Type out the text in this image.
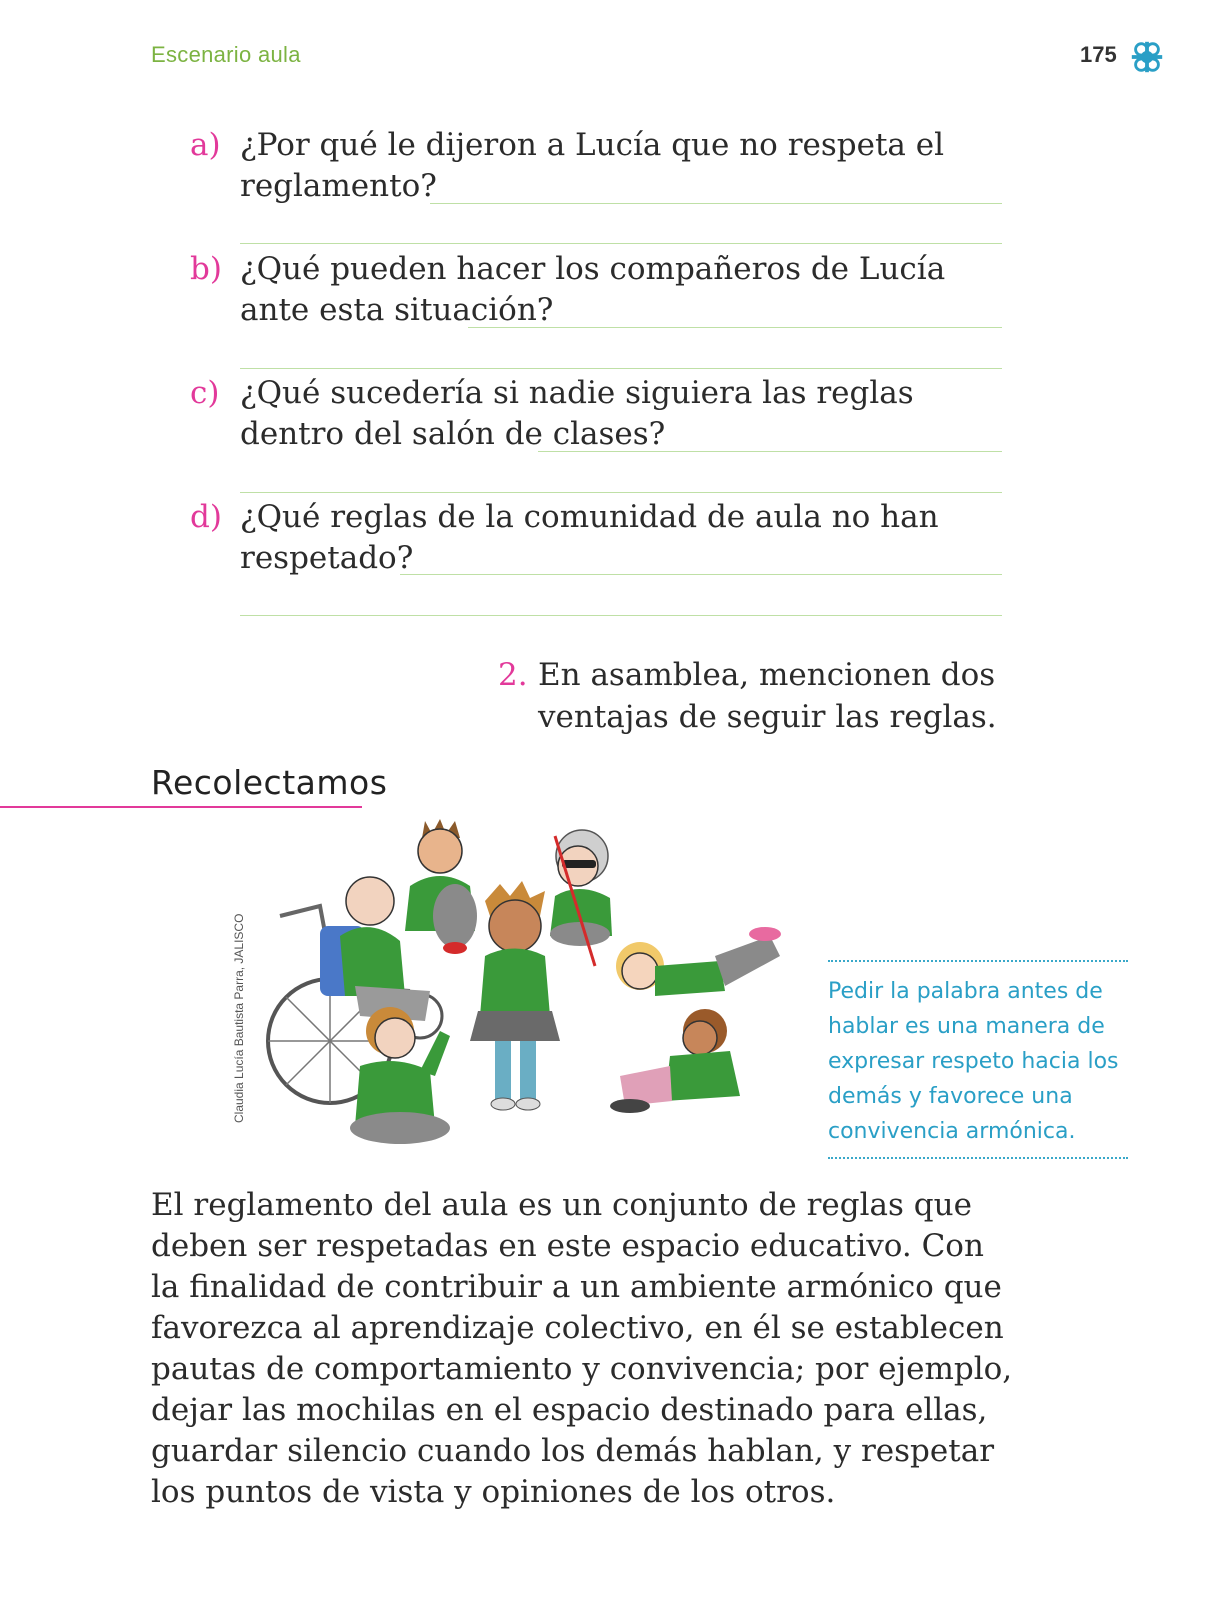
Escenario aula	175
a) ¿Por qué le dijeron a Lucía que no respeta el reglamento?
b) ¿Qué pueden hacer los compañeros de Lucía ante esta situación?
c) ¿Qué sucedería si nadie siguiera las reglas dentro del salón de clases?
d) ¿Qué reglas de la comunidad de aula no han respetado?
2. En asamblea, mencionen dos ventajas de seguir las reglas.
Recolectamos
Claudia Lucía Bautista Parra, JALISCO	Pedir la palabra antes de hablar es una manera de expresar respeto hacia los demás y favorece una convivencia armónica.

El reglamento del aula es un conjunto de reglas que deben ser respetadas en este espacio educativo. Con la finalidad de contribuir a un ambiente armónico que favorezca al aprendizaje colectivo, en él se establecen pautas de comportamiento y convivencia; por ejemplo, dejar las mochilas en el espacio destinado para ellas, guardar silencio cuando los demás hablan, y respetar los puntos de vista y opiniones de los otros.
